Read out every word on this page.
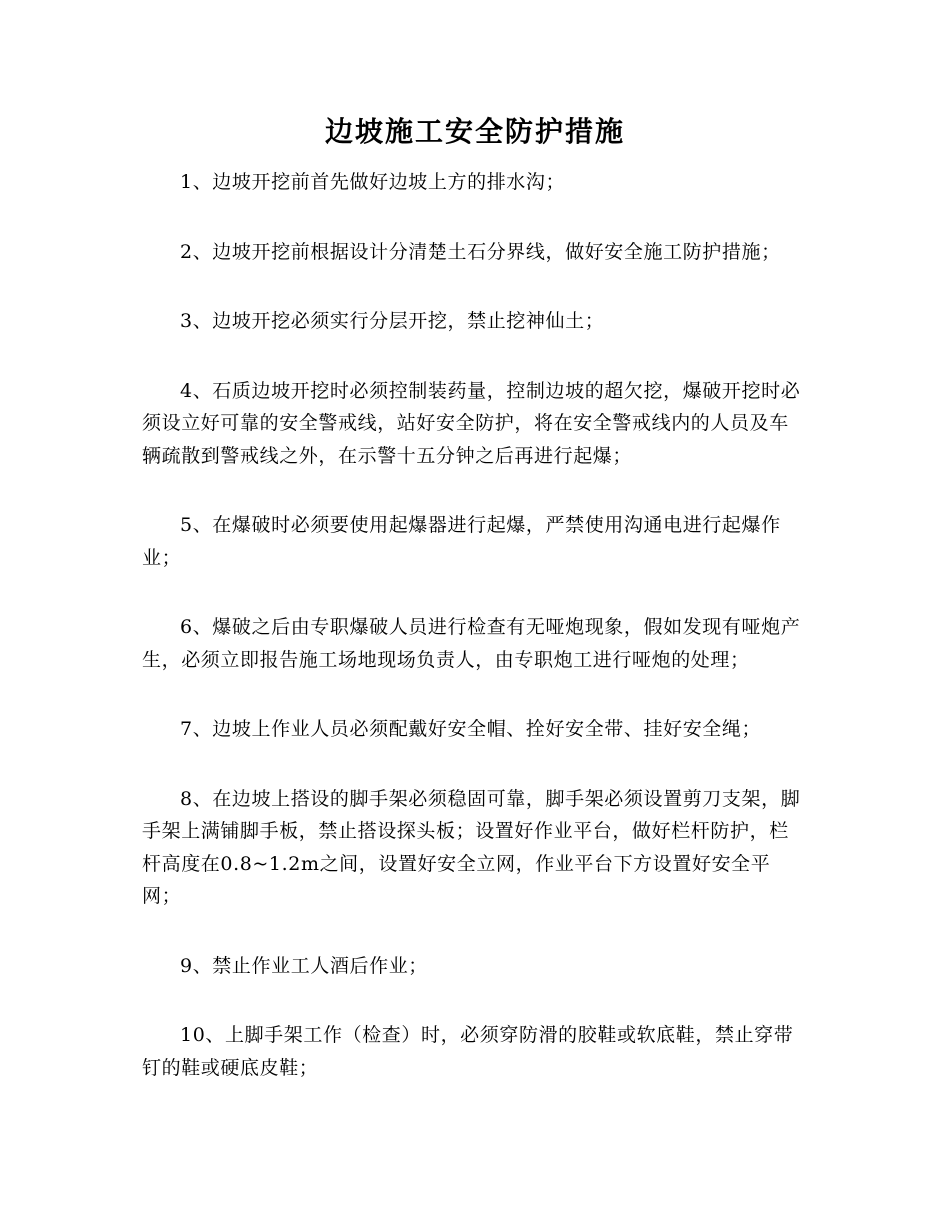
边坡施工安全防护措施
1、边坡开挖前首先做好边坡上方的排水沟；
2、边坡开挖前根据设计分清楚土石分界线，做好安全施工防护措施；
3、边坡开挖必须实行分层开挖，禁止挖神仙土；
4、石质边坡开挖时必须控制装药量，控制边坡的超欠挖，爆破开挖时必须设立好可靠的安全警戒线，站好安全防护，将在安全警戒线内的人员及车辆疏散到警戒线之外，在示警十五分钟之后再进行起爆；
5、在爆破时必须要使用起爆器进行起爆，严禁使用沟通电进行起爆作业；
6、爆破之后由专职爆破人员进行检查有无哑炮现象，假如发现有哑炮产生，必须立即报告施工场地现场负责人，由专职炮工进行哑炮的处理；
7、边坡上作业人员必须配戴好安全帽、拴好安全带、挂好安全绳；
8、在边坡上搭设的脚手架必须稳固可靠，脚手架必须设置剪刀支架，脚手架上满铺脚手板，禁止搭设探头板；设置好作业平台，做好栏杆防护，栏杆高度在0.8~1.2m之间，设置好安全立网，作业平台下方设置好安全平网；
9、禁止作业工人酒后作业；
10、上脚手架工作（检查）时，必须穿防滑的胶鞋或软底鞋，禁止穿带钉的鞋或硬底皮鞋；
